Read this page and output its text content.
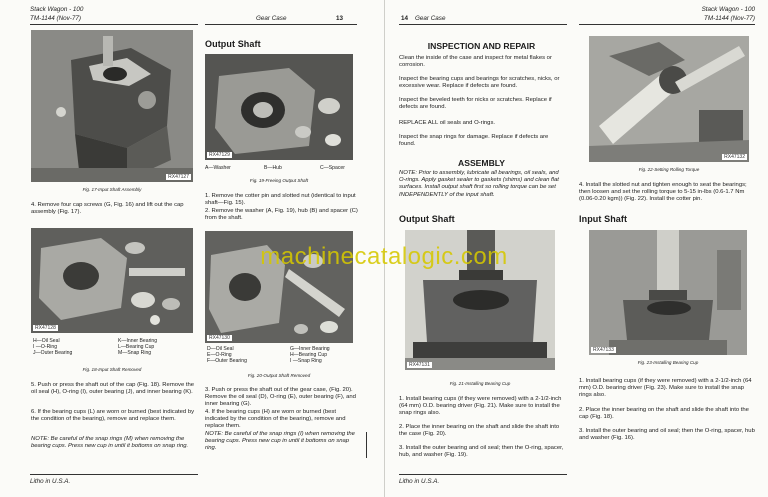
Stack Wagon - 100
TM-1144 (Nov-77)	Gear Case	13
RX47127
Fig. 17-Input Shaft Assembly
4. Remove four cap screws (G, Fig. 16) and lift out the cap assembly (Fig. 17).
RX47128
H—Oil Seal
I —O-Ring
J—Outer Bearing
K—Inner Bearing
L—Bearing Cup
M—Snap Ring
Fig. 18-Input Shaft Removed
5. Push or press the shaft out of the cap (Fig. 18). Remove the oil seal (H), O-ring (I), outer bearing (J), and inner bearing (K).
6. If the bearing cups (L) are worn or burned (best indicated by the condition of the bearing), remove and replace them.
NOTE: Be careful of the snap rings (M) when removing the bearing cups. Press new cup in until it bottoms on snap ring.
Litho in U.S.A.
Output Shaft
RX47129
A—Washer	B—Hub	C—Spacer
Fig. 19-Freeing Output Shaft
1. Remove the cotter pin and slotted nut (identical to input shaft—Fig. 15).
2. Remove the washer (A, Fig. 19), hub (B) and spacer (C) from the shaft.
RX47130
D—Oil Seal
E—O-Ring
F—Outer Bearing
G—Inner Bearing
H—Bearing Cup
I —Snap Ring
Fig. 20-Output Shaft Removed
3. Push or press the shaft out of the gear case, (Fig. 20). Remove the oil seal (D), O-ring (E), outer bearing (F), and inner bearing (G).
4. If the bearing cups (H) are worn or burned (best indicated by the condition of the bearing), remove and replace them.
NOTE: Be careful of the snap rings (I) when removing the bearing cups. Press new cup in until it bottoms on snap ring.
14 Gear Case
Stack Wagon - 100
TM-1144 (Nov-77)
INSPECTION AND REPAIR
Clean the inside of the case and inspect for metal flakes or corrosion.
Inspect the bearing cups and bearings for scratches, nicks, or excessive wear. Replace if defects are found.
Inspect the beveled teeth for nicks or scratches. Replace if defects are found.
REPLACE ALL oil seals and O-rings.
Inspect the snap rings for damage. Replace if defects are found.
ASSEMBLY
NOTE: Prior to assembly, lubricate all bearings, oil seals, and O-rings. Apply gasket sealer to gaskets (shims) and clean flat surfaces. Install output shaft first so rolling torque can be set INDEPENDENTLY of the input shaft.
Output Shaft
RX47131
Fig. 21-Installing Bearing Cup
1. Install bearing cups (if they were removed) with a 2-1/2-inch (64 mm) O.D. bearing driver (Fig. 21). Make sure to install the snap rings also.
2. Place the inner bearing on the shaft and slide the shaft into the case (Fig. 20).
3. Install the outer bearing and oil seal; then the O-ring, spacer, hub, and washer (Fig. 19).
Litho in U.S.A.
RX47132
Fig. 22-Setting Rolling Torque
4. Install the slotted nut and tighten enough to seat the bearings; then loosen and set the rolling torque to 5-15 in-lbs (0.6-1.7 Nm (0.06-0.20 kgm)) (Fig. 22). Install the cotter pin.
Input Shaft
RX47133
Fig. 23-Installing Bearing Cup
1. Install bearing cups (if they were removed) with a 2-1/2-inch (64 mm) O.D. bearing driver (Fig. 23). Make sure to install the snap rings also.
2. Place the inner bearing on the shaft and slide the shaft into the cap (Fig. 18).
3. Install the outer bearing and oil seal; then the O-ring, spacer, hub and washer (Fig. 16).
machinecatalogic.com
